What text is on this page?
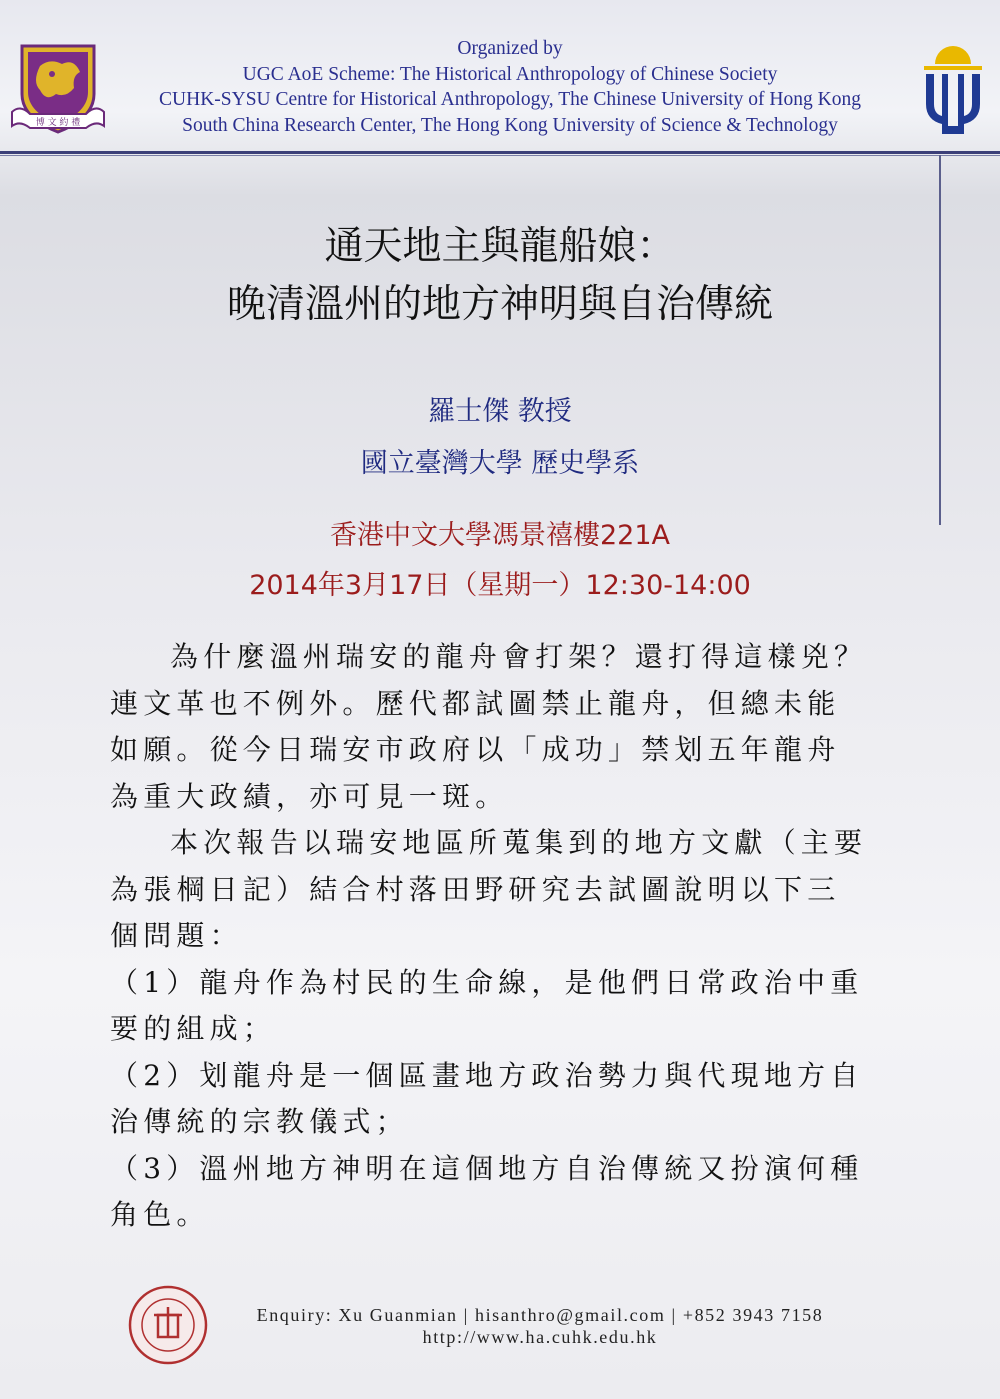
博 文 約 禮
Organized by
UGC AoE Scheme: The Historical Anthropology of Chinese Society
CUHK-SYSU Centre for Historical Anthropology, The Chinese University of Hong Kong
South China Research Center, The Hong Kong University of Science & Technology
通天地主與龍船娘：
晚清溫州的地方神明與自治傳統
羅士傑 教授
國立臺灣大學 歷史學系
香港中文大學馮景禧樓221A
2014年3月17日（星期一）12:30-14:00

為什麼溫州瑞安的龍舟會打架？還打得這樣兇？連文革也不例外。歷代都試圖禁止龍舟，但總未能如願。從今日瑞安市政府以「成功」禁划五年龍舟為重大政績，亦可見一斑。

本次報告以瑞安地區所蒐集到的地方文獻（主要為張棡日記）結合村落田野研究去試圖說明以下三個問題：

（1）龍舟作為村民的生命線，是他們日常政治中重要的組成；

（2）划龍舟是一個區畫地方政治勢力與代現地方自治傳統的宗教儀式；

（3）溫州地方神明在這個地方自治傳統又扮演何種角色。

Enquiry: Xu Guanmian | hisanthro@gmail.com | +852 3943 7158
http://www.ha.cuhk.edu.hk
